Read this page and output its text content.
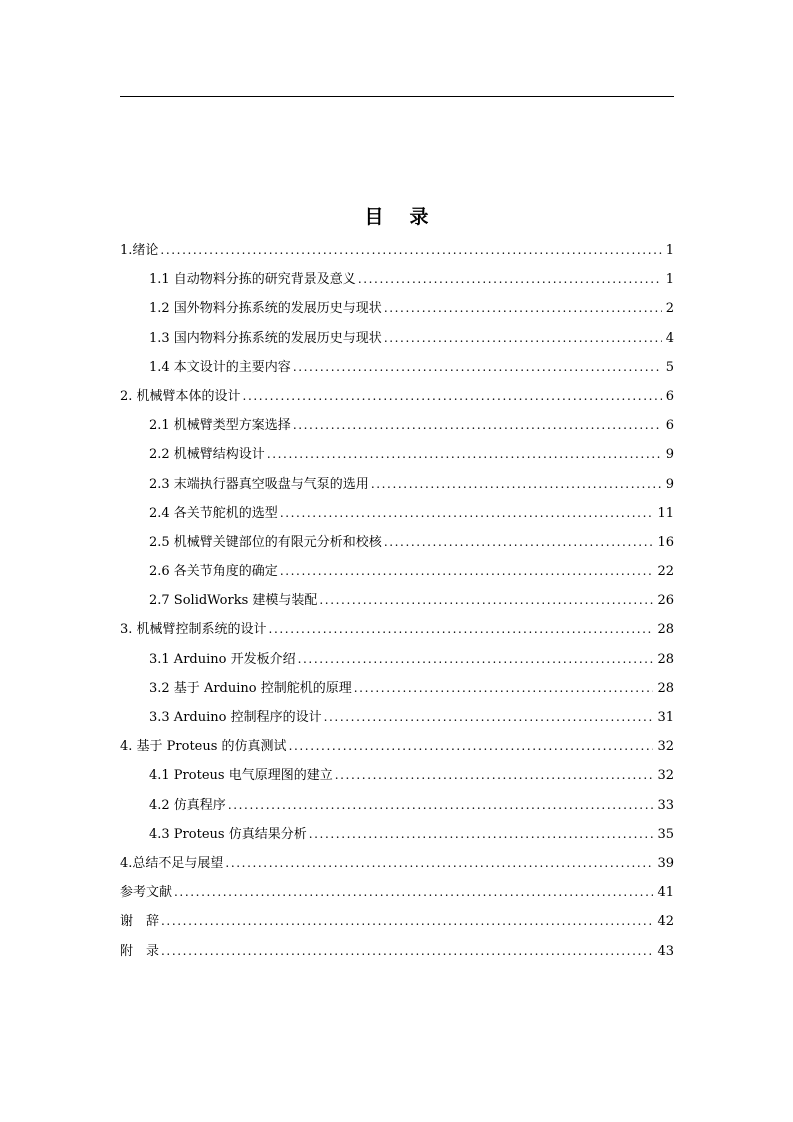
目 录
1.绪论 .....	1
1.1 自动物料分拣的研究背景及意义 .....	1
1.2 国外物料分拣系统的发展历史与现状 .....	2
1.3 国内物料分拣系统的发展历史与现状 .....	4
1.4 本文设计的主要内容 .....	5
2. 机械臂本体的设计 .....	6
2.1 机械臂类型方案选择 .....	6
2.2 机械臂结构设计 .....	9
2.3 末端执行器真空吸盘与气泵的选用 .....	9
2.4 各关节舵机的选型 .....	11
2.5 机械臂关键部位的有限元分析和校核 .....	16
2.6 各关节角度的确定 .....	22
2.7 SolidWorks 建模与装配 .....	26
3. 机械臂控制系统的设计 .....	28
3.1 Arduino 开发板介绍 .....	28
3.2 基于 Arduino 控制舵机的原理 .....	28
3.3 Arduino 控制程序的设计 .....	31
4. 基于 Proteus 的仿真测试 .....	32
4.1 Proteus 电气原理图的建立 .....	32
4.2 仿真程序 .....	33
4.3 Proteus 仿真结果分析 .....	35
4.总结不足与展望 .....	39
参考文献 .....	41
谢　辞 .....	42
附　录 .....	43
